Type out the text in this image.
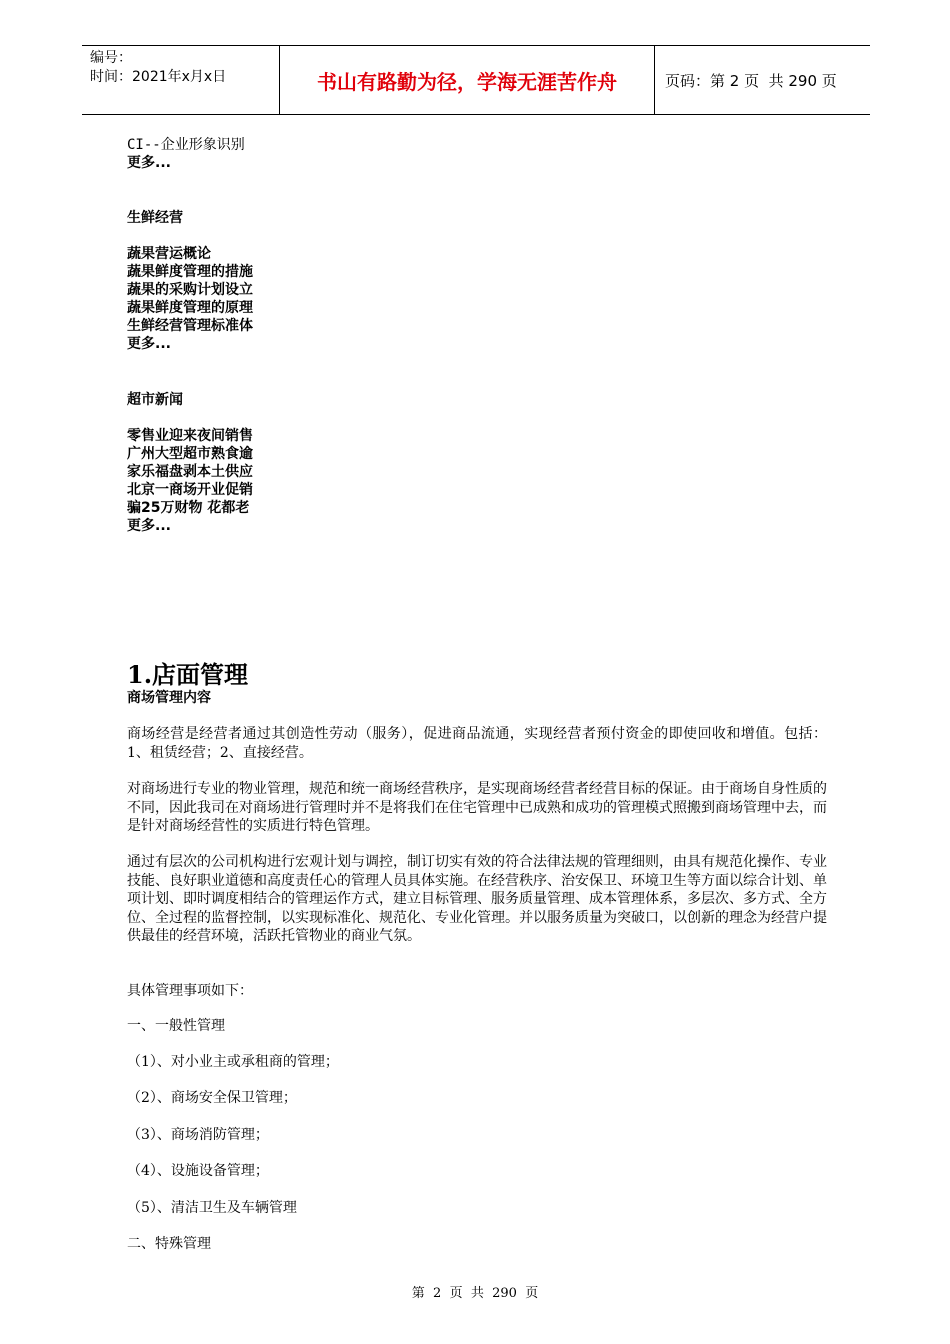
编号：
时间：2021年x月x日	书山有路勤为径，学海无涯苦作舟	页码：第 2 页  共 290 页
CI--企业形象识别
更多...
生鲜经营
蔬果营运概论
蔬果鲜度管理的措施
蔬果的采购计划设立
蔬果鲜度管理的原理
生鲜经营管理标准体
更多...
超市新闻
零售业迎来夜间销售
广州大型超市熟食逾
家乐福盘剥本土供应
北京一商场开业促销
骗25万财物 花都老
更多...
1.店面管理
商场管理内容
商场经营是经营者通过其创造性劳动（服务），促进商品流通，实现经营者预付资金的即使回收和增值。包括：1、租赁经营；2、直接经营。
对商场进行专业的物业管理，规范和统一商场经营秩序，是实现商场经营者经营目标的保证。由于商场自身性质的不同，因此我司在对商场进行管理时并不是将我们在住宅管理中已成熟和成功的管理模式照搬到商场管理中去，而是针对商场经营性的实质进行特色管理。
通过有层次的公司机构进行宏观计划与调控，制订切实有效的符合法律法规的管理细则，由具有规范化操作、专业技能、良好职业道德和高度责任心的管理人员具体实施。在经营秩序、治安保卫、环境卫生等方面以综合计划、单项计划、即时调度相结合的管理运作方式，建立目标管理、服务质量管理、成本管理体系，多层次、多方式、全方位、全过程的监督控制，以实现标准化、规范化、专业化管理。并以服务质量为突破口，以创新的理念为经营户提供最佳的经营环境，活跃托管物业的商业气氛。
具体管理事项如下：
一、一般性管理
（1）、对小业主或承租商的管理；
（2）、商场安全保卫管理；
（3）、商场消防管理；
（4）、设施设备管理；
（5）、清洁卫生及车辆管理
二、特殊管理
第  2  页  共  290  页
